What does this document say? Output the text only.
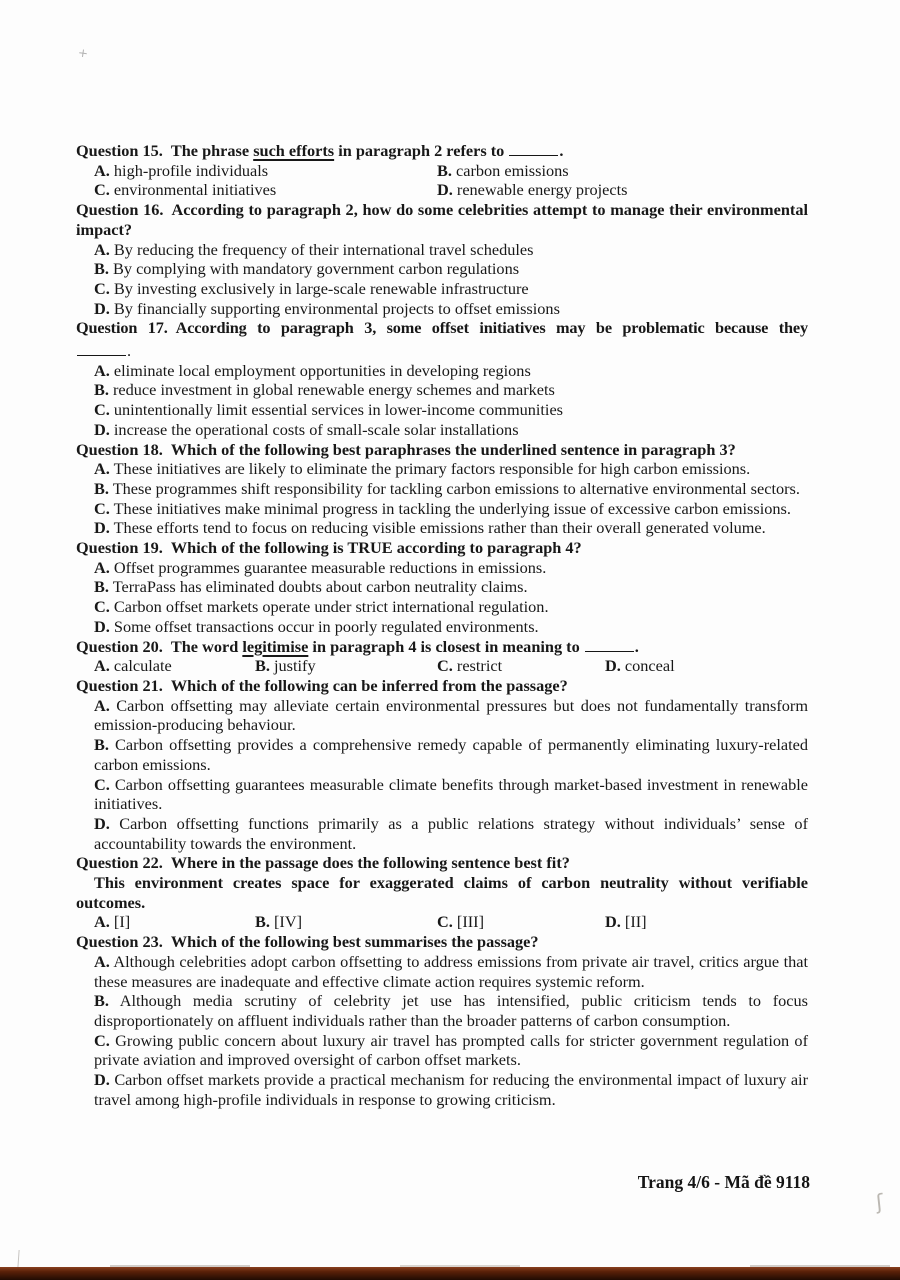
+
Question 15. The phrase such efforts in paragraph 2 refers to	.
A. high-profile individuals	B. carbon emissions
C. environmental initiatives	D. renewable energy projects
Question 16. According to paragraph 2, how do some celebrities attempt to manage their environmental impact?
A. By reducing the frequency of their international travel schedules
B. By complying with mandatory government carbon regulations
C. By investing exclusively in large-scale renewable infrastructure
D. By financially supporting environmental projects to offset emissions
Question 17. According to paragraph 3, some offset initiatives may be problematic because they
.
A. eliminate local employment opportunities in developing regions
B. reduce investment in global renewable energy schemes and markets
C. unintentionally limit essential services in lower-income communities
D. increase the operational costs of small-scale solar installations
Question 18. Which of the following best paraphrases the underlined sentence in paragraph 3?
A. These initiatives are likely to eliminate the primary factors responsible for high carbon emissions.
B. These programmes shift responsibility for tackling carbon emissions to alternative environmental sectors.
C. These initiatives make minimal progress in tackling the underlying issue of excessive carbon emissions.
D. These efforts tend to focus on reducing visible emissions rather than their overall generated volume.
Question 19. Which of the following is TRUE according to paragraph 4?
A. Offset programmes guarantee measurable reductions in emissions.
B. TerraPass has eliminated doubts about carbon neutrality claims.
C. Carbon offset markets operate under strict international regulation.
D. Some offset transactions occur in poorly regulated environments.
Question 20. The word legitimise in paragraph 4 is closest in meaning to	.
A. calculate	B. justify	C. restrict	D. conceal
Question 21. Which of the following can be inferred from the passage?
A. Carbon offsetting may alleviate certain environmental pressures but does not fundamentally transform emission-producing behaviour.
B. Carbon offsetting provides a comprehensive remedy capable of permanently eliminating luxury-related carbon emissions.
C. Carbon offsetting guarantees measurable climate benefits through market-based investment in renewable initiatives.
D. Carbon offsetting functions primarily as a public relations strategy without individuals’ sense of accountability towards the environment.
Question 22. Where in the passage does the following sentence best fit?
This environment creates space for exaggerated claims of carbon neutrality without verifiable outcomes.
A. [I]	B. [IV]	C. [III]	D. [II]
Question 23. Which of the following best summarises the passage?
A. Although celebrities adopt carbon offsetting to address emissions from private air travel, critics argue that these measures are inadequate and effective climate action requires systemic reform.
B. Although media scrutiny of celebrity jet use has intensified, public criticism tends to focus disproportionately on affluent individuals rather than the broader patterns of carbon consumption.
C. Growing public concern about luxury air travel has prompted calls for stricter government regulation of private aviation and improved oversight of carbon offset markets.
D. Carbon offset markets provide a practical mechanism for reducing the environmental impact of luxury air travel among high-profile individuals in response to growing criticism.
Trang 4/6 - Mã đề 9118
ʃ
